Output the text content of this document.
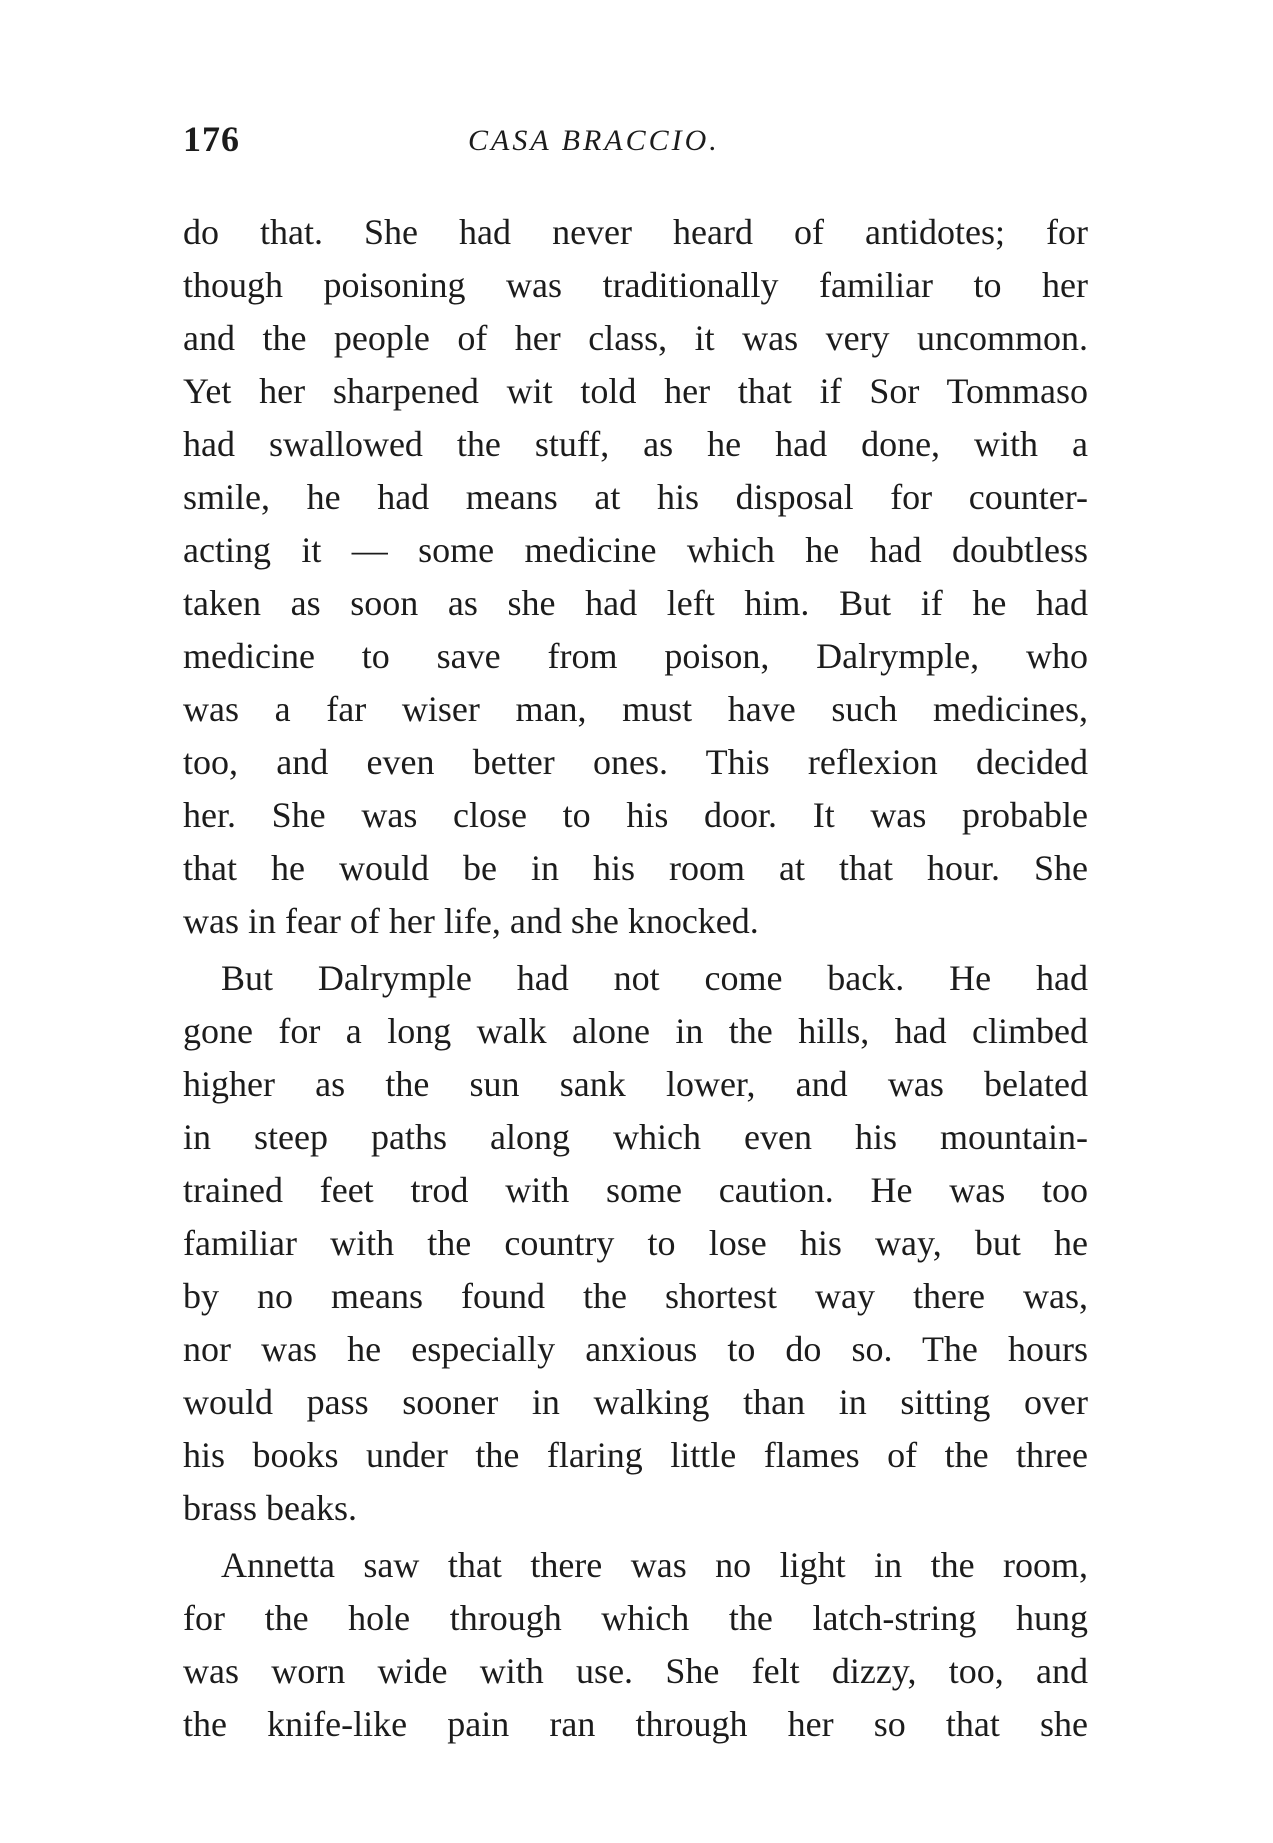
176	CASA BRACCIO.
do that. She had never heard of antidotes; for
though poisoning was traditionally familiar to her
and the people of her class, it was very uncommon.
Yet her sharpened wit told her that if Sor Tommaso
had swallowed the stuff, as he had done, with a
smile, he had means at his disposal for counter-
acting it — some medicine which he had doubtless
taken as soon as she had left him. But if he had
medicine to save from poison, Dalrymple, who
was a far wiser man, must have such medicines,
too, and even better ones. This reflexion decided
her. She was close to his door. It was probable
that he would be in his room at that hour. She
was in fear of her life, and she knocked.
But Dalrymple had not come back. He had
gone for a long walk alone in the hills, had climbed
higher as the sun sank lower, and was belated
in steep paths along which even his mountain-
trained feet trod with some caution. He was too
familiar with the country to lose his way, but he
by no means found the shortest way there was,
nor was he especially anxious to do so. The hours
would pass sooner in walking than in sitting over
his books under the flaring little flames of the three
brass beaks.
Annetta saw that there was no light in the room,
for the hole through which the latch-string hung
was worn wide with use. She felt dizzy, too, and
the knife-like pain ran through her so that she
